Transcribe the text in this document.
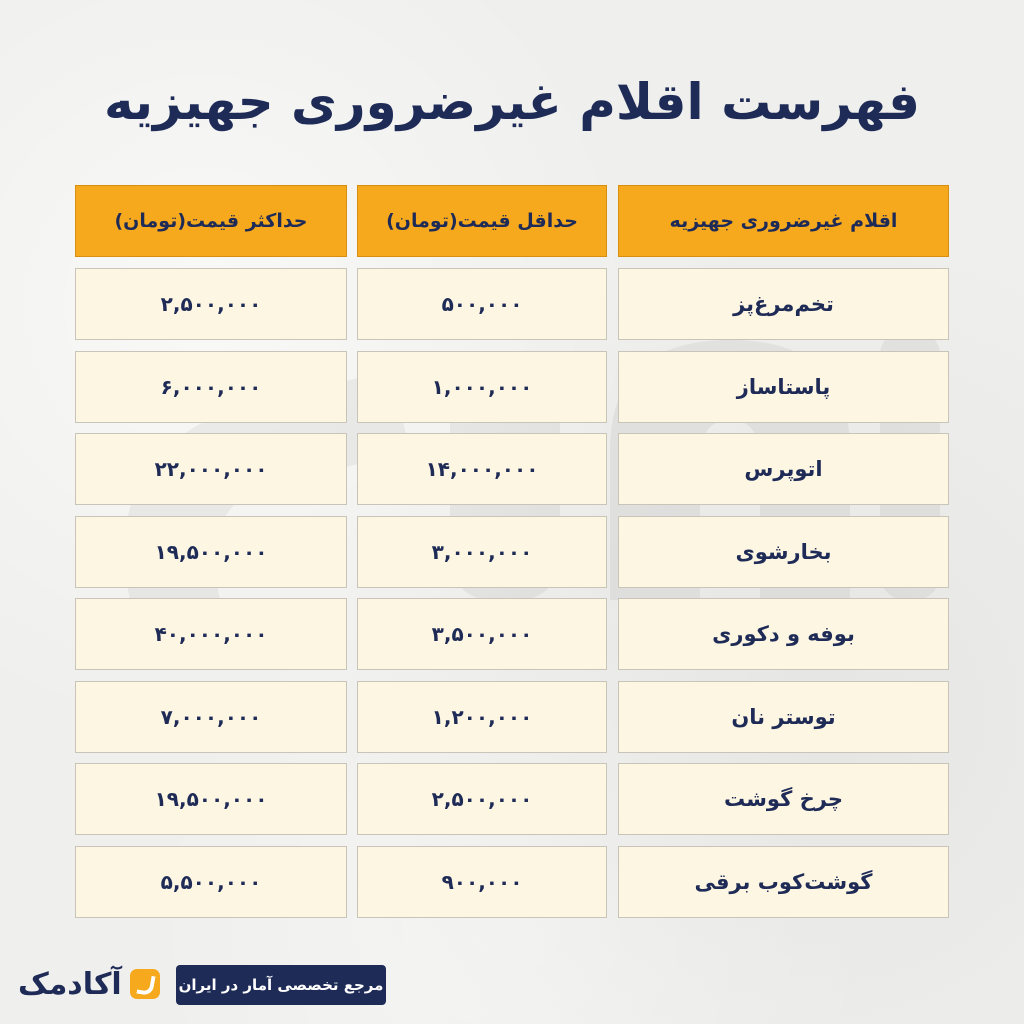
فهرست اقلام غیرضروری جهیزیه
اقلام غیرضروری جهیزیه
حداقل قیمت(تومان)
حداکثر قیمت(تومان)
تخم‌مرغ‌پز
۵۰۰,۰۰۰
۲,۵۰۰,۰۰۰
پاستاساز
۱,۰۰۰,۰۰۰
۶,۰۰۰,۰۰۰
اتوپرس
۱۴,۰۰۰,۰۰۰
۲۲,۰۰۰,۰۰۰
بخارشوی
۳,۰۰۰,۰۰۰
۱۹,۵۰۰,۰۰۰
بوفه و دکوری
۳,۵۰۰,۰۰۰
۴۰,۰۰۰,۰۰۰
توستر نان
۱,۲۰۰,۰۰۰
۷,۰۰۰,۰۰۰
چرخ گوشت
۲,۵۰۰,۰۰۰
۱۹,۵۰۰,۰۰۰
گوشت‌کوب برقی
۹۰۰,۰۰۰
۵,۵۰۰,۰۰۰
مرجع تخصصی آمار در ایران
آکادمک
